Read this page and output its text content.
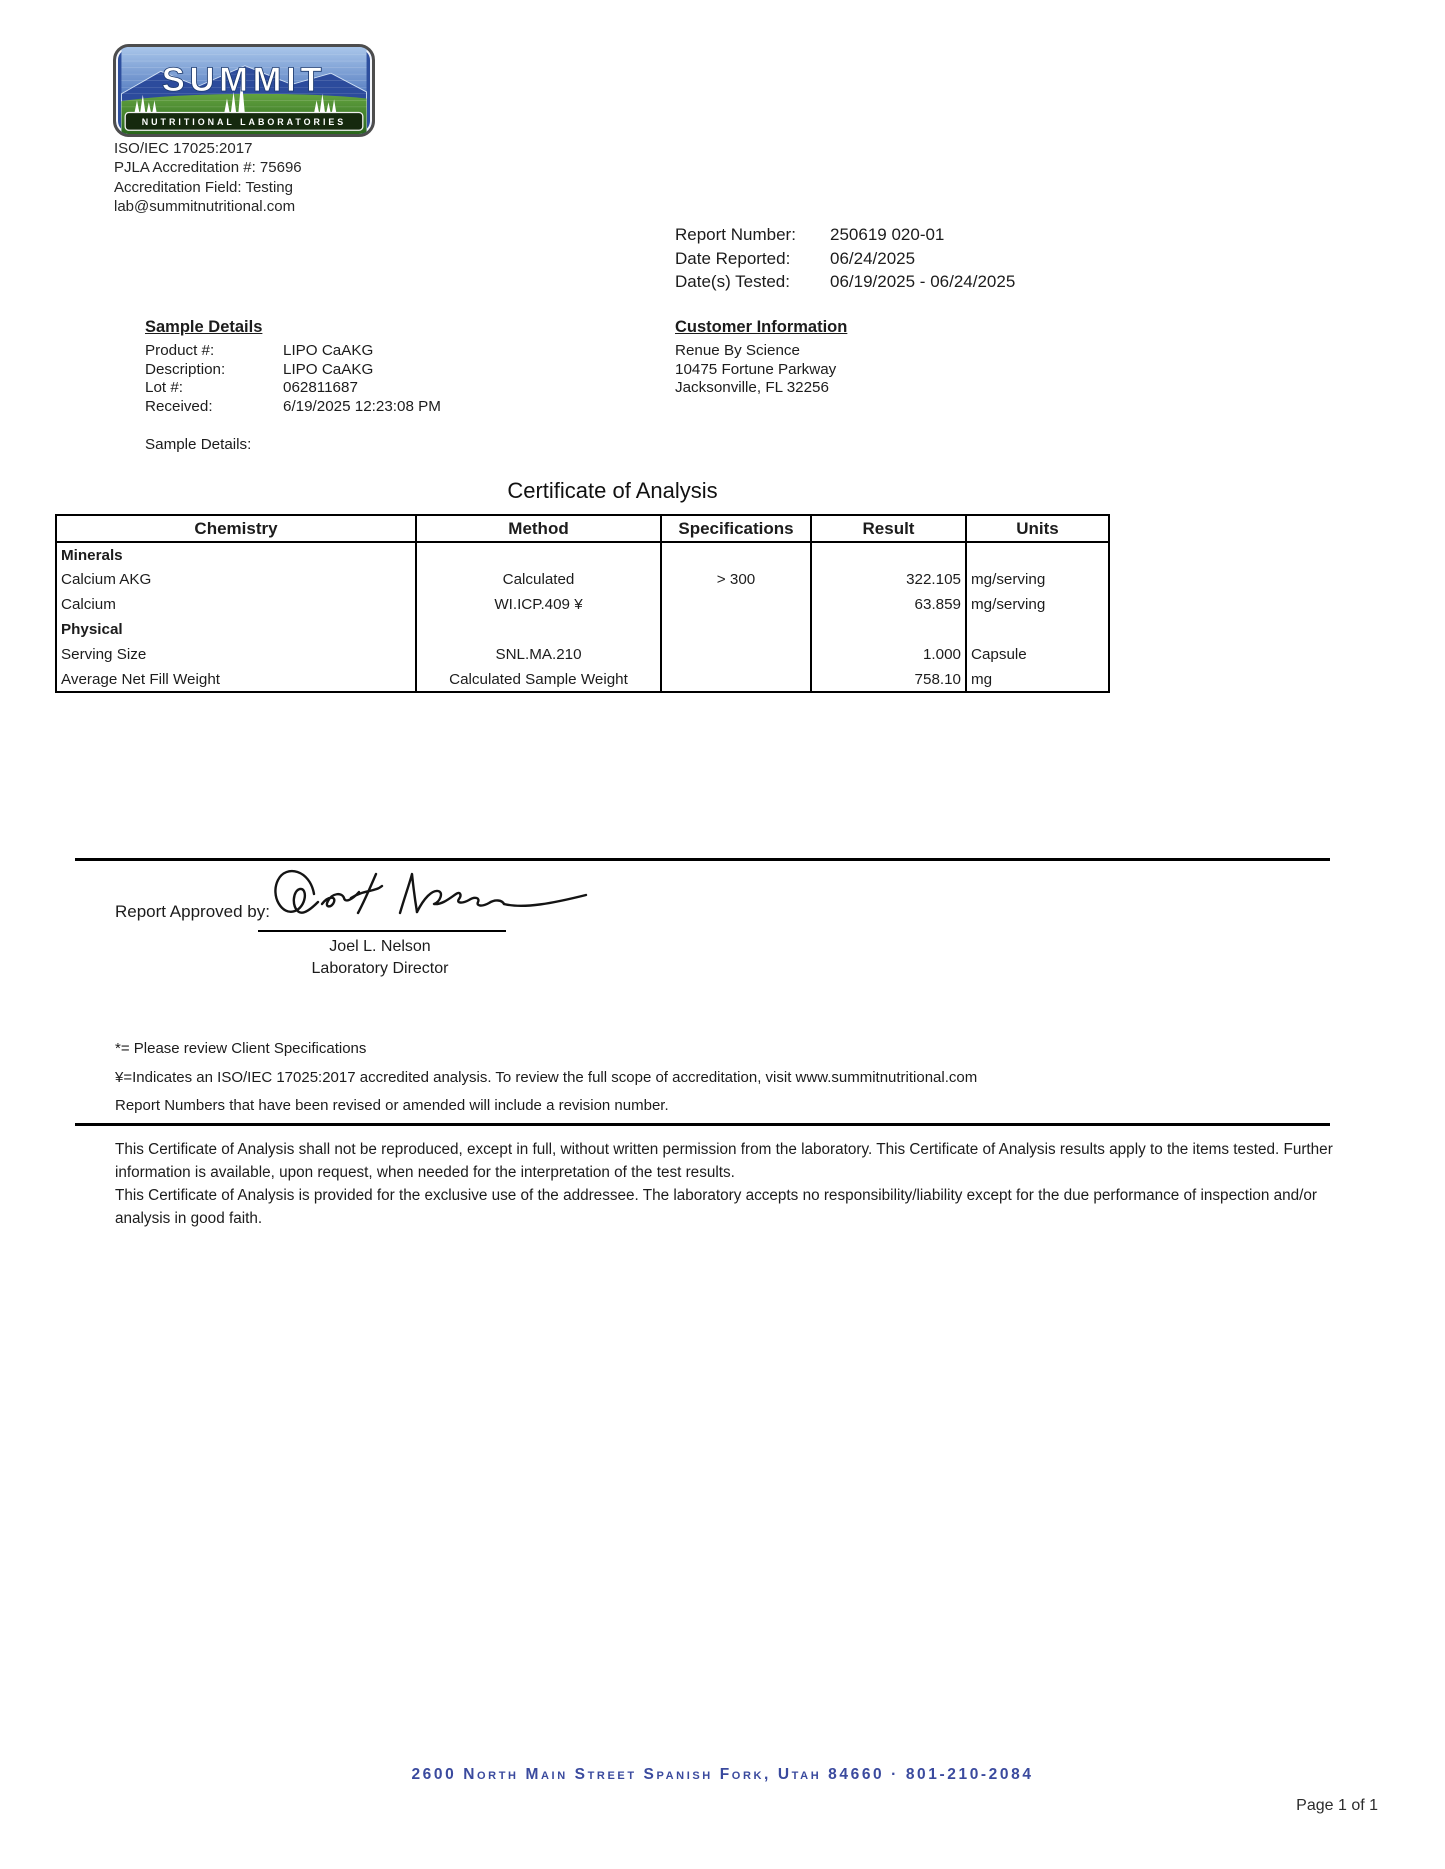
SUMMIT
NUTRITIONAL LABORATORIES
ISO/IEC 17025:2017
PJLA Accreditation #: 75696
Accreditation Field: Testing
lab@summitnutritional.com
Report Number:	250619 020-01
Date Reported:	06/24/2025
Date(s) Tested:	06/19/2025 - 06/24/2025
Sample Details
Product #:	LIPO CaAKG
Description:	LIPO CaAKG
Lot #:	062811687
Received:	6/19/2025 12:23:08 PM
Sample Details:
Customer Information
Renue By Science
10475 Fortune Parkway
Jacksonville, FL 32256
Certificate of Analysis
Chemistry	Method	Specifications	Result	Units
Minerals				
Calcium AKG	Calculated	> 300	322.105	mg/serving
Calcium	WI.ICP.409 ¥		63.859	mg/serving
Physical				
Serving Size	SNL.MA.210		1.000	Capsule
Average Net Fill Weight	Calculated Sample Weight		758.10	mg
Report Approved by:
Joel L. Nelson
Laboratory Director
*= Please review Client Specifications
¥=Indicates an ISO/IEC 17025:2017 accredited analysis. To review the full scope of accreditation, visit www.summitnutritional.com
Report Numbers that have been revised or amended will include a revision number.

This Certificate of Analysis shall not be reproduced, except in full, without written permission from the laboratory. This Certificate of Analysis results apply to the items tested. Further information is available, upon request, when needed for the interpretation of the test results.

This Certificate of Analysis is provided for the exclusive use of the addressee. The laboratory accepts no responsibility/liability except for the due performance of inspection and/or analysis in good faith.

2600 North Main Street Spanish Fork, Utah 84660 · 801-210-2084
Page 1 of 1
